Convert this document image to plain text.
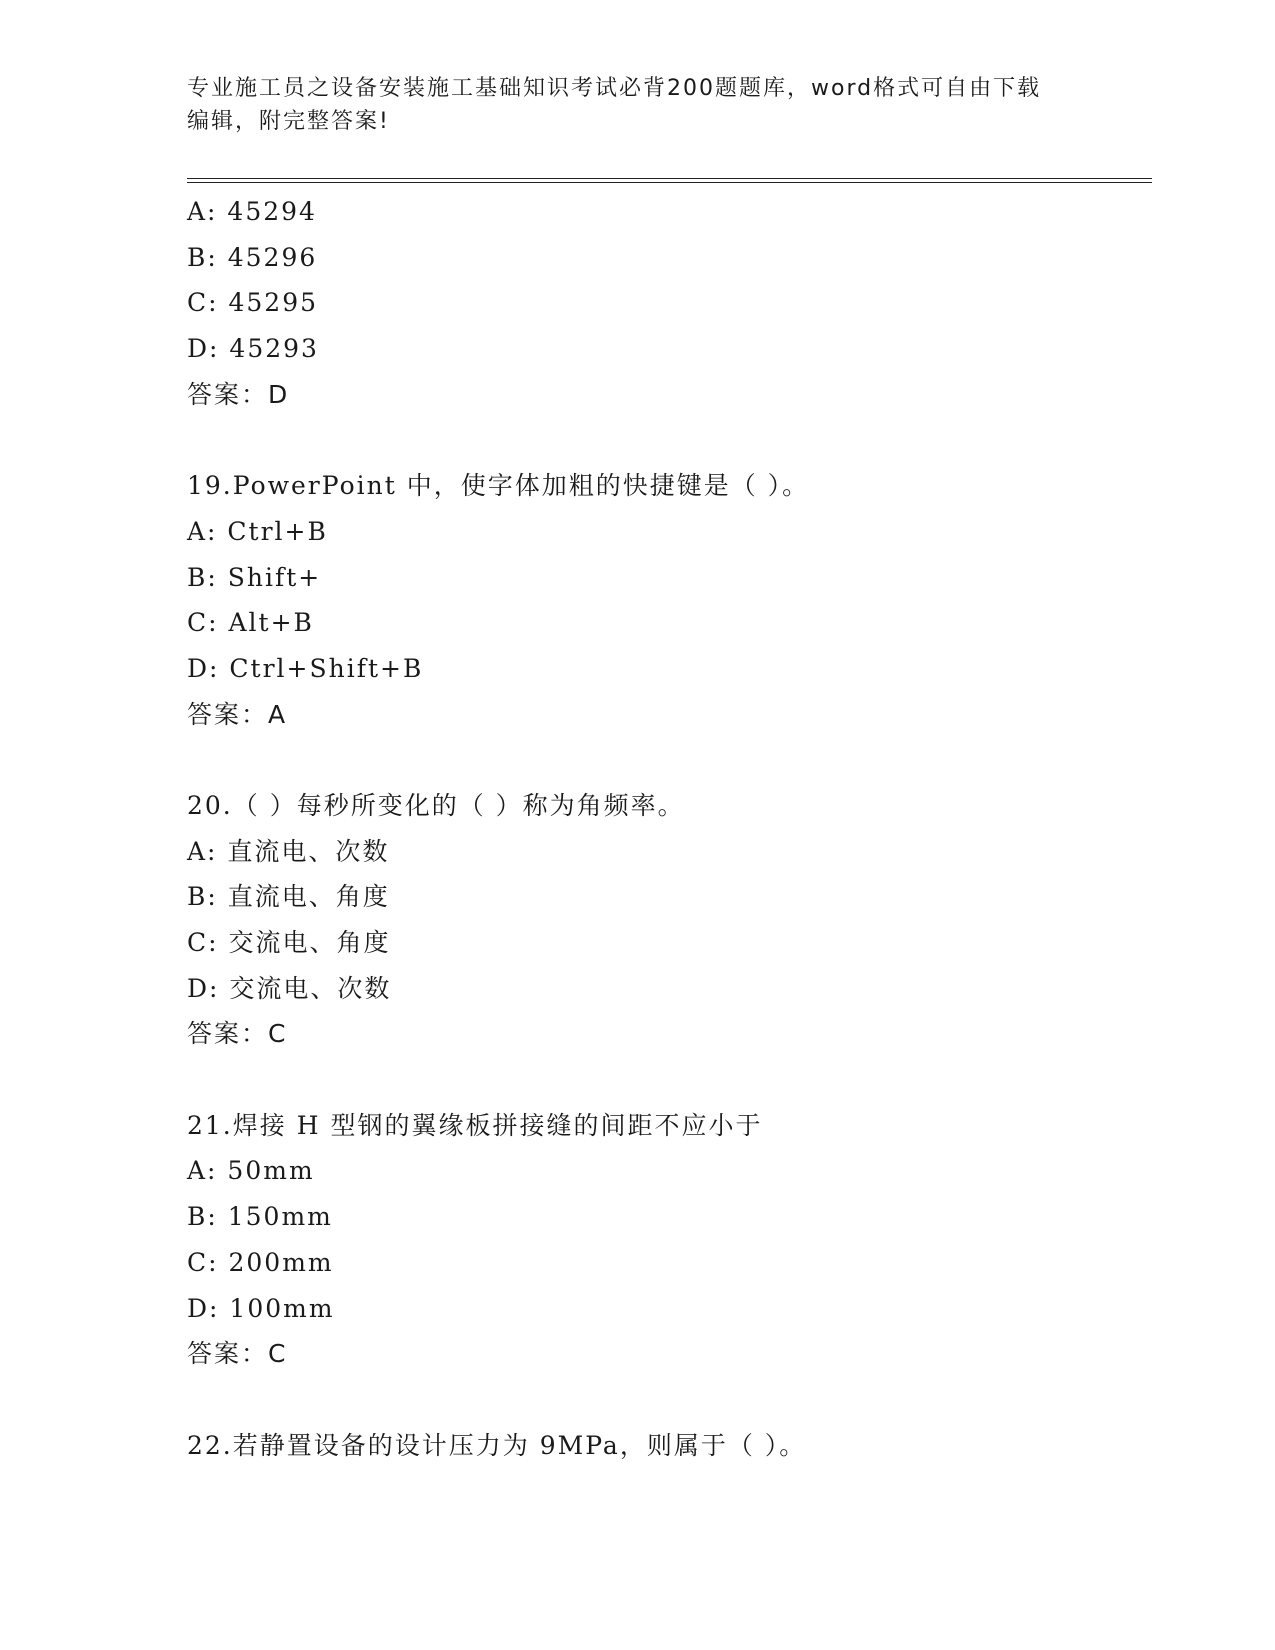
专业施工员之设备安装施工基础知识考试必背200题题库，word格式可自由下载
编辑，附完整答案!
A: 45294
B: 45296
C: 45295
D: 45293
答案：D
19.PowerPoint 中，使字体加粗的快捷键是（ ）。
A: Ctrl+B
B: Shift+
C: Alt+B
D: Ctrl+Shift+B
答案：A
20.（ ）每秒所变化的（ ）称为角频率。
A: 直流电、次数
B: 直流电、角度
C: 交流电、角度
D: 交流电、次数
答案：C
21.焊接 H 型钢的翼缘板拼接缝的间距不应小于
A: 50mm
B: 150mm
C: 200mm
D: 100mm
答案：C
22.若静置设备的设计压力为 9MPa，则属于（ ）。
